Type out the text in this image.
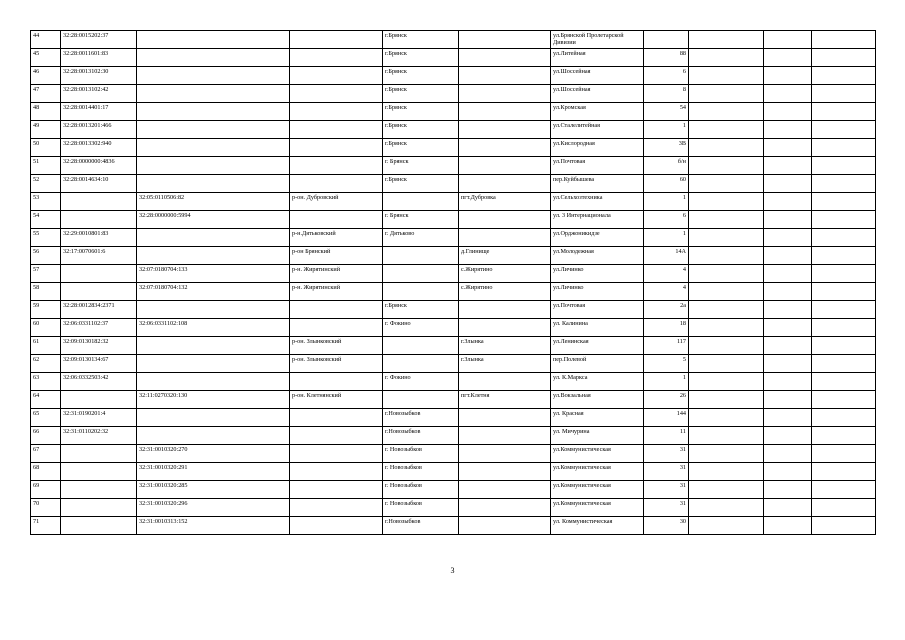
44	32:28:0015202:37			г.Брянск		ул.Брянской Пролетарской Дивизии				
45	32:28:0011601:83			г.Брянск		ул.Литейная	88			
46	32:28:0013102:30			г.Брянск		ул.Шоссейная	6			
47	32:28:0013102:42			г.Брянск		ул.Шоссейная	8			
48	32:28:0014401:17			г.Брянск		ул.Кромская	54			
49	32:28:0013201:466			г.Брянск		ул.Сталелитейная	1			
50	32:28:0013302:940			г.Брянск		ул.Кислородная	3В			
51	32:28:0000000:4836			г. Брянск		ул.Почтовая	б/н			
52	32:28:0014634:10			г.Брянск		пер.Куйбышева	60			
53		32:05:0110506:82	р-он. Дубровский		пгт.Дубровка	ул.Сельхозтехника	1			
54		32:28:0000000:5994		г. Брянск		ул. 3 Интернационала	6			
55	32:29:0010801:83		р-н.Дятьковский	г. Дятьково		ул.Орджоникидзе	1			
56	32:17:0070601:6		р-он Брянский		д.Глинище	ул.Молодежная	14А			
57		32:07:0180704:133	р-н. Жирятинский		с.Жирятино	ул.Личинко	4			
58		32:07:0180704:132	р-н. Жирятинский		с.Жирятино	ул.Личинко	4			
59	32:28:0012834:2371			г.Брянск		ул.Почтовая	2а			
60	32:06:0331102:37	32:06:0331102:108		г. Фокино		ул. Калинина	18			
61	32:09:0130182:32		р-он. Злынковский		г.Злынка	ул.Ленинская	117			
62	32:09:0130134:67		р-он. Злынковский		г.Злынка	пер.Полевой	5			
63	32:06:0332503:42			г. Фокино		ул. К.Маркса	1			
64		32:11:0270320:130	р-он. Клетнянский		пгт.Клетня	ул.Вокзальная	26			
65	32:31:0190201:4			г.Новозыбков		ул. Красная	144			
66	32:31:0110202:32			г.Новозыбков		ул. Мичурина	11			
67		32:31:0010320:270		г. Новозыбков		ул.Коммунистическая	31			
68		32:31:0010320:291		г. Новозыбков		ул.Коммунистическая	31			
69		32:31:0010320:285		г. Новозыбков		ул.Коммунистическая	31			
70		32:31:0010320:296		г. Новозыбков		ул.Коммунистическая	31			
71		32:31:0010313:152		г.Новозыбков		ул. Коммунистическая	30			
3
